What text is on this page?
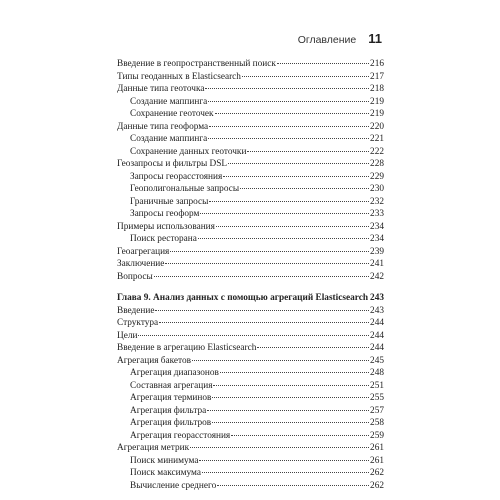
Оглавление 11
Введение в геопространственный поиск	216
Типы геоданных в Elasticsearch	217
Данные типа геоточка	218
Создание маппинга	219
Сохранение геоточек	219
Данные типа геоформа	220
Создание маппинга	221
Сохранение данных геоточки	222
Геозапросы и фильтры DSL	228
Запросы георасстояния	229
Геополигональные запросы	230
Граничные запросы	232
Запросы геоформ	233
Примеры использования	234
Поиск ресторана	234
Геоагрегация	239
Заключение	241
Вопросы	242
Глава 9. Анализ данных с помощью агрегаций Elasticsearch 243
Введение	243
Структура	244
Цели	244
Введение в агрегацию Elasticsearch	244
Агрегация бакетов	245
Агрегация диапазонов	248
Составная агрегация	251
Агрегация терминов	255
Агрегация фильтра	257
Агрегация фильтров	258
Агрегация георасстояния	259
Агрегация метрик	261
Поиск минимума	261
Поиск максимума	262
Вычисление среднего	262
